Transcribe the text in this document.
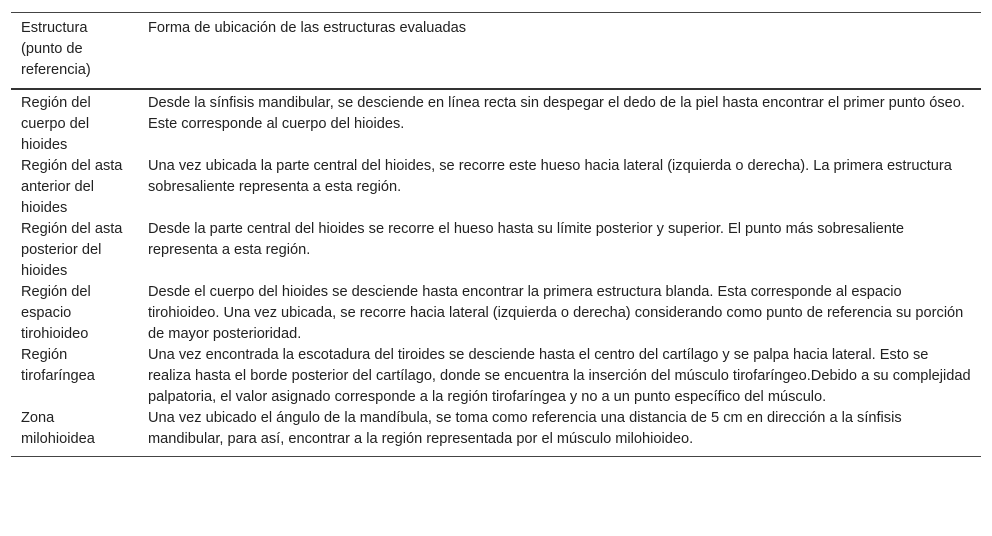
Estructura (punto de referencia)	Forma de ubicación de las estructuras evaluadas
Región del cuerpo del hioides	Desde la sínfisis mandibular, se desciende en línea recta sin despegar el dedo de la piel hasta encontrar el primer punto óseo. Este corresponde al cuerpo del hioides.
Región del asta anterior del hioides	Una vez ubicada la parte central del hioides, se recorre este hueso hacia lateral (izquierda o derecha). La primera estructura sobresaliente representa a esta región.
Región del asta posterior del hioides	Desde la parte central del hioides se recorre el hueso hasta su límite posterior y superior. El punto más sobresaliente representa a esta región.
Región del espacio tirohioideo	Desde el cuerpo del hioides se desciende hasta encontrar la primera estructura blanda. Esta corresponde al espacio tirohioideo. Una vez ubicada, se recorre hacia lateral (izquierda o derecha) considerando como punto de referencia su porción de mayor posterioridad.
Región tirofaríngea	Una vez encontrada la escotadura del tiroides se desciende hasta el centro del cartílago y se palpa hacia lateral. Esto se realiza hasta el borde posterior del cartílago, donde se encuentra la inserción del músculo tirofaríngeo.Debido a su complejidad palpatoria, el valor asignado corresponde a la región tirofaríngea y no a un punto específico del músculo.
Zona milohioidea	Una vez ubicado el ángulo de la mandíbula, se toma como referencia una distancia de 5 cm en dirección a la sínfisis mandibular, para así, encontrar a la región representada por el músculo milohioideo.
